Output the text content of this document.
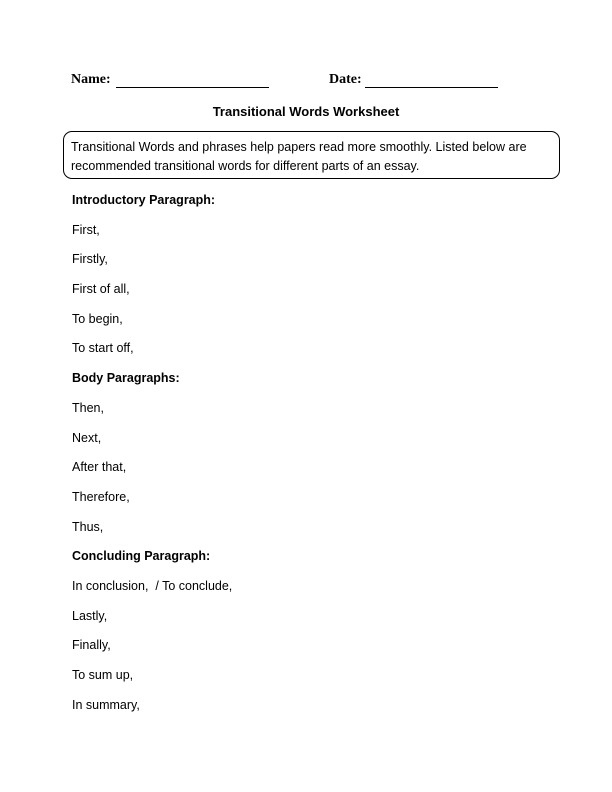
Name:	Date:
Transitional Words Worksheet
Transitional Words and phrases help papers read more smoothly. Listed below are recommended transitional words for different parts of an essay.
Introductory Paragraph:
First,
Firstly,
First of all,
To begin,
To start off,
Body Paragraphs:
Then,
Next,
After that,
Therefore,
Thus,
Concluding Paragraph:
In conclusion,  / To conclude,
Lastly,
Finally,
To sum up,
In summary,
